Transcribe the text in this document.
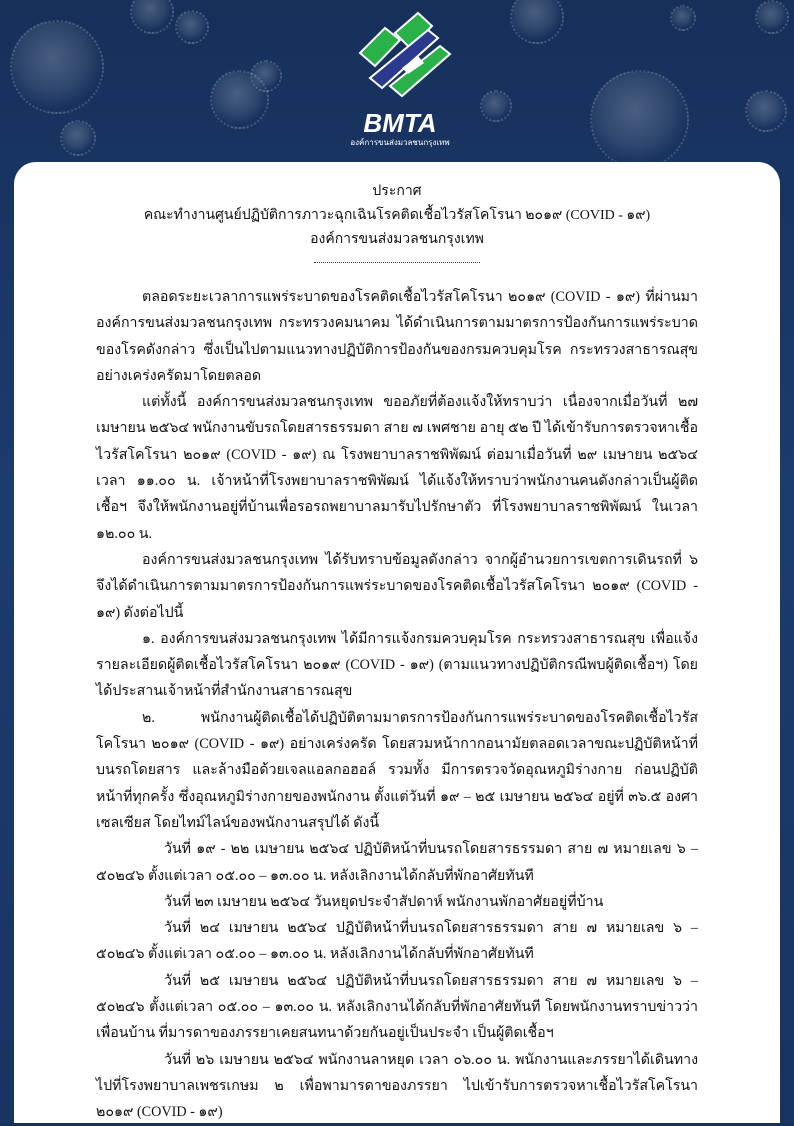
BMTA
องค์การขนส่งมวลชนกรุงเทพ
ประกาศ
คณะทำงานศูนย์ปฏิบัติการภาวะฉุกเฉินโรคติดเชื้อไวรัสโคโรนา ๒๐๑๙ (COVID - ๑๙)
องค์การขนส่งมวลชนกรุงเทพ

ตลอดระยะเวลาการแพร่ระบาดของโรคติดเชื้อไวรัสโคโรนา ๒๐๑๙ (COVID - ๑๙) ที่ผ่านมาองค์การขนส่งมวลชนกรุงเทพ กระทรวงคมนาคม ได้ดำเนินการตามมาตรการป้องกันการแพร่ระบาดของโรคดังกล่าว ซึ่งเป็นไปตามแนวทางปฏิบัติการป้องกันของกรมควบคุมโรค กระทรวงสาธารณสุข อย่างเคร่งครัดมาโดยตลอด

แต่ทั้งนี้ องค์การขนส่งมวลชนกรุงเทพ ขออภัยที่ต้องแจ้งให้ทราบว่า เนื่องจากเมื่อวันที่ ๒๗ เมษายน ๒๕๖๔ พนักงานขับรถโดยสารธรรมดา สาย ๗ เพศชาย อายุ ๕๒ ปี ได้เข้ารับการตรวจหาเชื้อไวรัสโคโรนา ๒๐๑๙ (COVID - ๑๙) ณ โรงพยาบาลราชพิพัฒน์ ต่อมาเมื่อวันที่ ๒๙ เมษายน ๒๕๖๔ เวลา ๑๑.๐๐ น. เจ้าหน้าที่โรงพยาบาลราชพิพัฒน์ ได้แจ้งให้ทราบว่าพนักงานคนดังกล่าวเป็นผู้ติดเชื้อฯ จึงให้พนักงานอยู่ที่บ้านเพื่อรอรถพยาบาลมารับไปรักษาตัว ที่โรงพยาบาลราชพิพัฒน์ ในเวลา ๑๒.๐๐ น.

องค์การขนส่งมวลชนกรุงเทพ ได้รับทราบข้อมูลดังกล่าว จากผู้อำนวยการเขตการเดินรถที่ ๖ จึงได้ดำเนินการตามมาตรการป้องกันการแพร่ระบาดของโรคติดเชื้อไวรัสโคโรนา ๒๐๑๙ (COVID - ๑๙) ดังต่อไปนี้

๑. องค์การขนส่งมวลชนกรุงเทพ ได้มีการแจ้งกรมควบคุมโรค กระทรวงสาธารณสุข เพื่อแจ้งรายละเอียดผู้ติดเชื้อไวรัสโคโรนา ๒๐๑๙ (COVID - ๑๙) (ตามแนวทางปฏิบัติกรณีพบผู้ติดเชื้อฯ) โดยได้ประสานเจ้าหน้าที่สำนักงานสาธารณสุข

๒. พนักงานผู้ติดเชื้อได้ปฏิบัติตามมาตรการป้องกันการแพร่ระบาดของโรคติดเชื้อไวรัสโคโรนา ๒๐๑๙ (COVID - ๑๙) อย่างเคร่งครัด โดยสวมหน้ากากอนามัยตลอดเวลาขณะปฏิบัติหน้าที่บนรถโดยสาร และล้างมือด้วยเจลแอลกอฮอล์ รวมทั้ง มีการตรวจวัดอุณหภูมิร่างกาย ก่อนปฏิบัติหน้าที่ทุกครั้ง ซึ่งอุณหภูมิร่างกายของพนักงาน ตั้งแต่วันที่ ๑๙ – ๒๕ เมษายน ๒๕๖๔ อยู่ที่ ๓๖.๕ องศาเซลเซียส โดยไทม์ไลน์ของพนักงานสรุปได้ ดังนี้

วันที่ ๑๙ - ๒๒ เมษายน ๒๕๖๔ ปฏิบัติหน้าที่บนรถโดยสารธรรมดา สาย ๗ หมายเลข ๖ – ๕๐๒๔๖ ตั้งแต่เวลา ๐๕.๐๐ – ๑๓.๐๐ น. หลังเลิกงานได้กลับที่พักอาศัยทันที

วันที่ ๒๓ เมษายน ๒๕๖๔ วันหยุดประจำสัปดาห์ พนักงานพักอาศัยอยู่ที่บ้าน

วันที่ ๒๔ เมษายน ๒๕๖๔ ปฏิบัติหน้าที่บนรถโดยสารธรรมดา สาย ๗ หมายเลข ๖ – ๕๐๒๔๖ ตั้งแต่เวลา ๐๕.๐๐ – ๑๓.๐๐ น. หลังเลิกงานได้กลับที่พักอาศัยทันที

วันที่ ๒๕ เมษายน ๒๕๖๔ ปฏิบัติหน้าที่บนรถโดยสารธรรมดา สาย ๗ หมายเลข ๖ – ๕๐๒๔๖ ตั้งแต่เวลา ๐๕.๐๐ – ๑๓.๐๐ น. หลังเลิกงานได้กลับที่พักอาศัยทันที โดยพนักงานทราบข่าวว่า เพื่อนบ้าน ที่มารดาของภรรยาเคยสนทนาด้วยกันอยู่เป็นประจำ เป็นผู้ติดเชื้อฯ

วันที่ ๒๖ เมษายน ๒๕๖๔ พนักงานลาหยุด เวลา ๐๖.๐๐ น. พนักงานและภรรยาได้เดินทางไปที่โรงพยาบาลเพชรเกษม ๒ เพื่อพามารดาของภรรยา ไปเข้ารับการตรวจหาเชื้อไวรัสโคโรนา ๒๐๑๙ (COVID - ๑๙)
